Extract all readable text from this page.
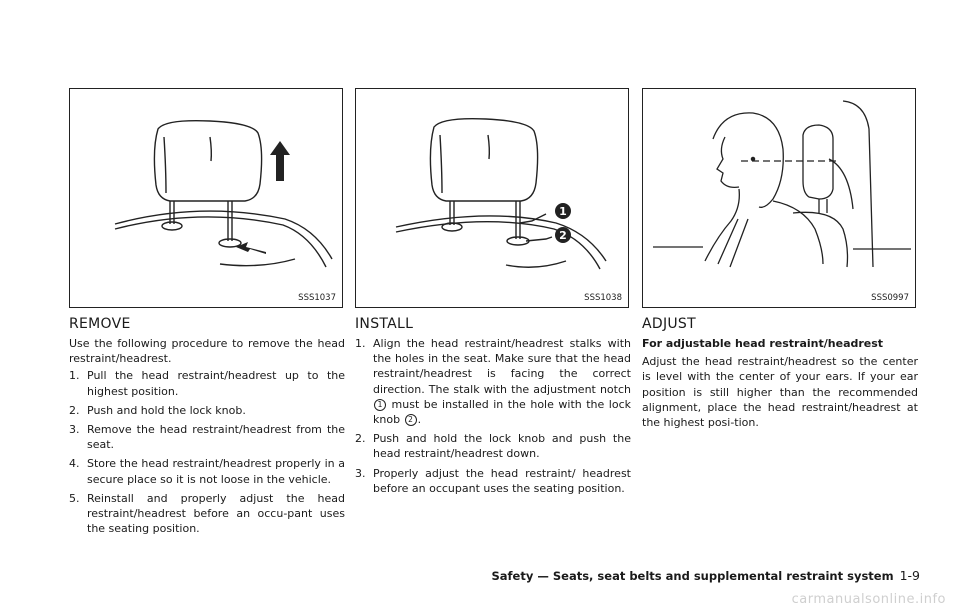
SSS1037
REMOVE

Use the following procedure to remove the head restraint/headrest.

1. Pull the head restraint/headrest up to the highest position.
2. Push and hold the lock knob.
3. Remove the head restraint/headrest from the seat.
4. Store the head restraint/headrest properly in a secure place so it is not loose in the vehicle.
5. Reinstall and properly adjust the head restraint/headrest before an occu-pant uses the seating position.
1
2
SSS1038
INSTALL
1. Align the head restraint/headrest stalks with the holes in the seat. Make sure that the head restraint/headrest is facing the correct direction. The stalk with the adjustment notch 1 must be installed in the hole with the lock knob 2 .
2. Push and hold the lock knob and push the head restraint/headrest down.
3. Properly adjust the head restraint/ headrest before an occupant uses the seating position.
SSS0997
ADJUST
For adjustable head restraint/headrest

Adjust the head restraint/headrest so the center is level with the center of your ears. If your ear position is still higher than the recommended alignment, place the head restraint/headrest at the highest posi-tion.

Safety — Seats, seat belts and supplemental restraint system 1-9
carmanualsonline.info
